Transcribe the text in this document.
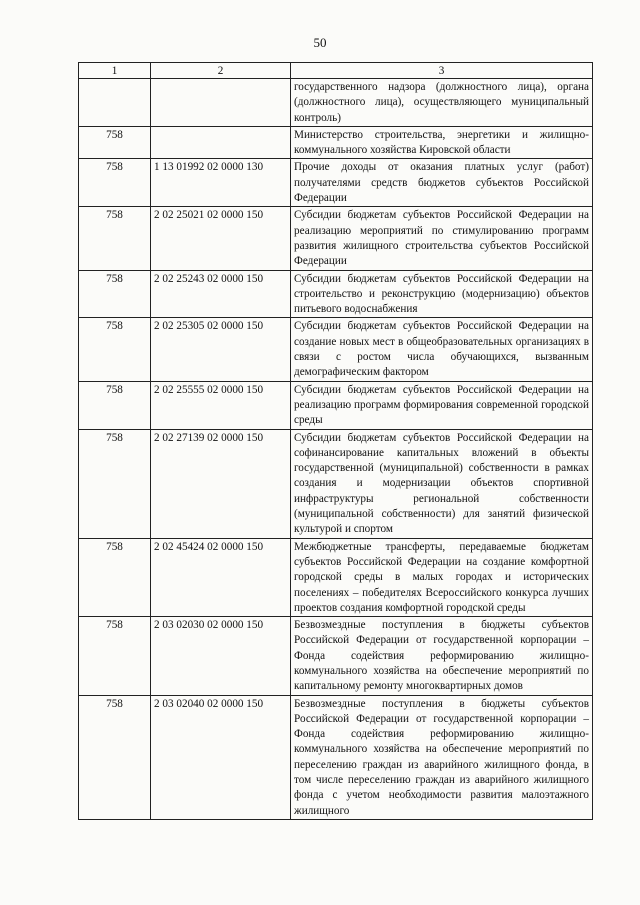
50
1	2	3
		государственного надзора (должностного лица), органа (должностного лица), осуществляющего муниципальный контроль)
758		Министерство строительства, энергетики и жилищно-коммунального хозяйства Кировской области
758	1 13 01992 02 0000 130	Прочие доходы от оказания платных услуг (работ) получателями средств бюджетов субъектов Российской Федерации
758	2 02 25021 02 0000 150	Субсидии бюджетам субъектов Российской Федерации на реализацию мероприятий по стимулированию программ развития жилищного строительства субъектов Российской Федерации
758	2 02 25243 02 0000 150	Субсидии бюджетам субъектов Российской Федерации на строительство и реконструкцию (модернизацию) объектов питьевого водоснабжения
758	2 02 25305 02 0000 150	Субсидии бюджетам субъектов Российской Федерации на создание новых мест в общеобразовательных организациях в связи с ростом числа обучающихся, вызванным демографическим фактором
758	2 02 25555 02 0000 150	Субсидии бюджетам субъектов Российской Федерации на реализацию программ формирования современной городской среды
758	2 02 27139 02 0000 150	Субсидии бюджетам субъектов Российской Федерации на софинансирование капитальных вложений в объекты государственной (муниципальной) собственности в рамках создания и модернизации объектов спортивной инфраструктуры региональной собственности (муниципальной собственности) для занятий физической культурой и спортом
758	2 02 45424 02 0000 150	Межбюджетные трансферты, передаваемые бюджетам субъектов Российской Федерации на создание комфортной городской среды в малых городах и исторических поселениях – победителях Всероссийского конкурса лучших проектов создания комфортной городской среды
758	2 03 02030 02 0000 150	Безвозмездные поступления в бюджеты субъектов Российской Федерации от государственной корпорации – Фонда содействия реформированию жилищно-коммунального хозяйства на обеспечение мероприятий по капитальному ремонту многоквартирных домов
758	2 03 02040 02 0000 150	Безвозмездные поступления в бюджеты субъектов Российской Федерации от государственной корпорации – Фонда содействия реформированию жилищно-коммунального хозяйства на обеспечение мероприятий по переселению граждан из аварийного жилищного фонда, в том числе переселению граждан из аварийного жилищного фонда с учетом необходимости развития малоэтажного жилищного
